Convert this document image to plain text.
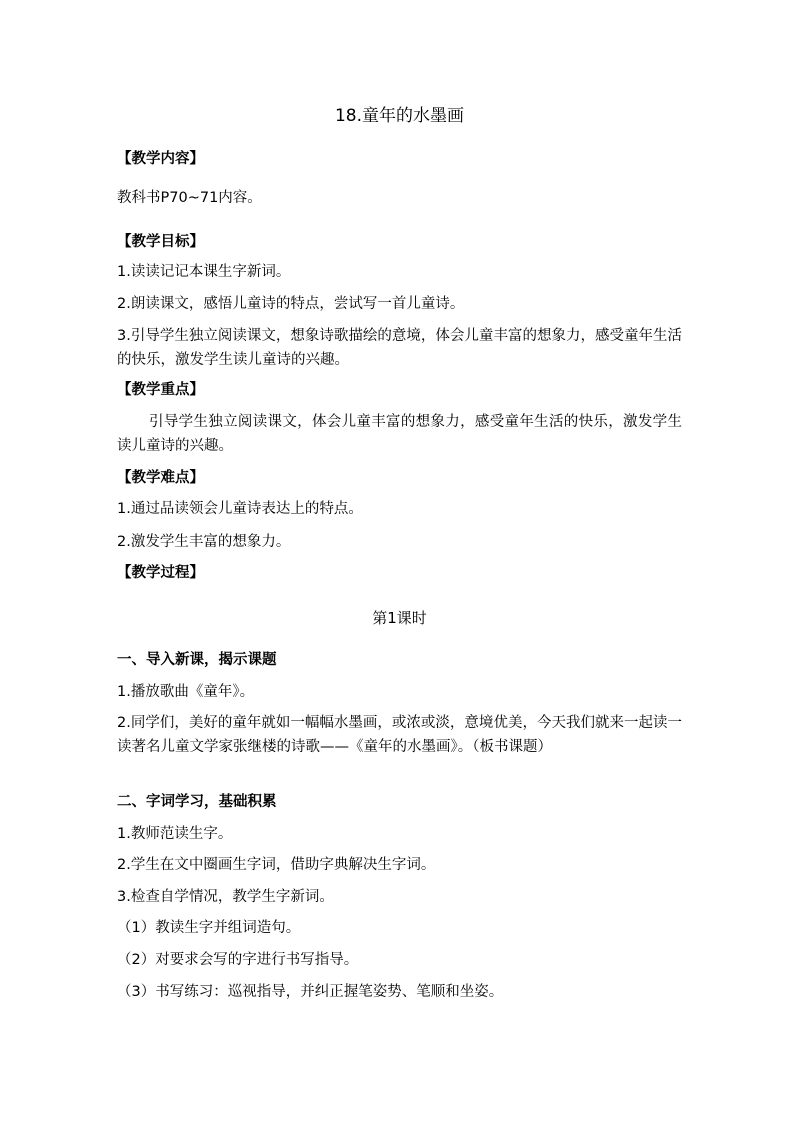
18.童年的水墨画
【教学内容】
教科书P70~71内容。
【教学目标】
1.读读记记本课生字新词。
2.朗读课文，感悟儿童诗的特点，尝试写一首儿童诗。
3.引导学生独立阅读课文，想象诗歌描绘的意境，体会儿童丰富的想象力，感受童年生活的快乐，激发学生读儿童诗的兴趣。
【教学重点】
引导学生独立阅读课文，体会儿童丰富的想象力，感受童年生活的快乐，激发学生读儿童诗的兴趣。
【教学难点】
1.通过品读领会儿童诗表达上的特点。
2.激发学生丰富的想象力。
【教学过程】
第1课时
一、导入新课，揭示课题
1.播放歌曲《童年》。
2.同学们，美好的童年就如一幅幅水墨画，或浓或淡，意境优美，今天我们就来一起读一读著名儿童文学家张继楼的诗歌——《童年的水墨画》。（板书课题）
二、字词学习，基础积累
1.教师范读生字。
2.学生在文中圈画生字词，借助字典解决生字词。
3.检查自学情况，教学生字新词。
（1）教读生字并组词造句。
（2）对要求会写的字进行书写指导。
（3）书写练习：巡视指导，并纠正握笔姿势、笔顺和坐姿。
